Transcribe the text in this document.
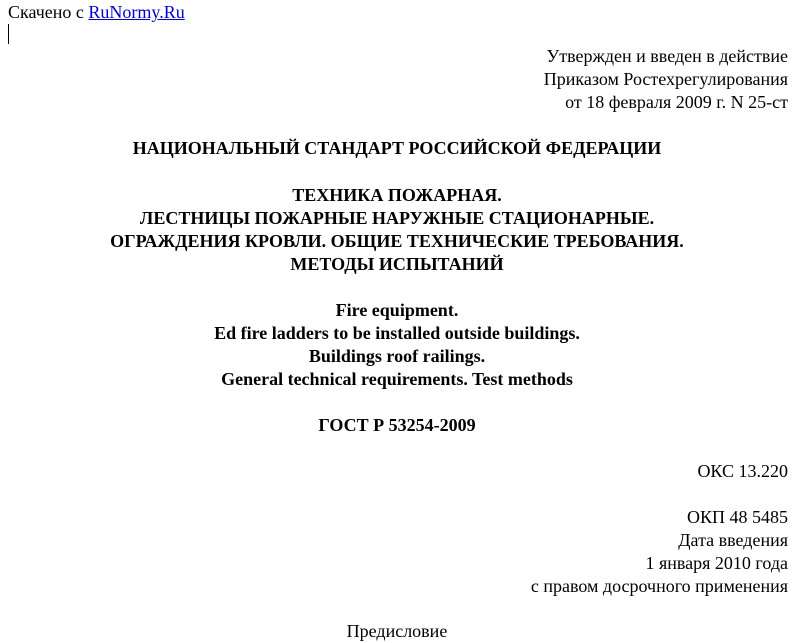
Скачено с RuNormy.Ru
Утвержден и введен в действие
Приказом Ростехрегулирования
от 18 февраля 2009 г. N 25-ст
НАЦИОНАЛЬНЫЙ СТАНДАРТ РОССИЙСКОЙ ФЕДЕРАЦИИ
ТЕХНИКА ПОЖАРНАЯ.
ЛЕСТНИЦЫ ПОЖАРНЫЕ НАРУЖНЫЕ СТАЦИОНАРНЫЕ.
ОГРАЖДЕНИЯ КРОВЛИ. ОБЩИЕ ТЕХНИЧЕСКИЕ ТРЕБОВАНИЯ.
МЕТОДЫ ИСПЫТАНИЙ
Fire equipment.
Ed fire ladders to be installed outside buildings.
Buildings roof railings.
General technical requirements. Test methods
ГОСТ Р 53254-2009
ОКС 13.220
ОКП 48 5485
Дата введения
1 января 2010 года
с правом досрочного применения
Предисловие
